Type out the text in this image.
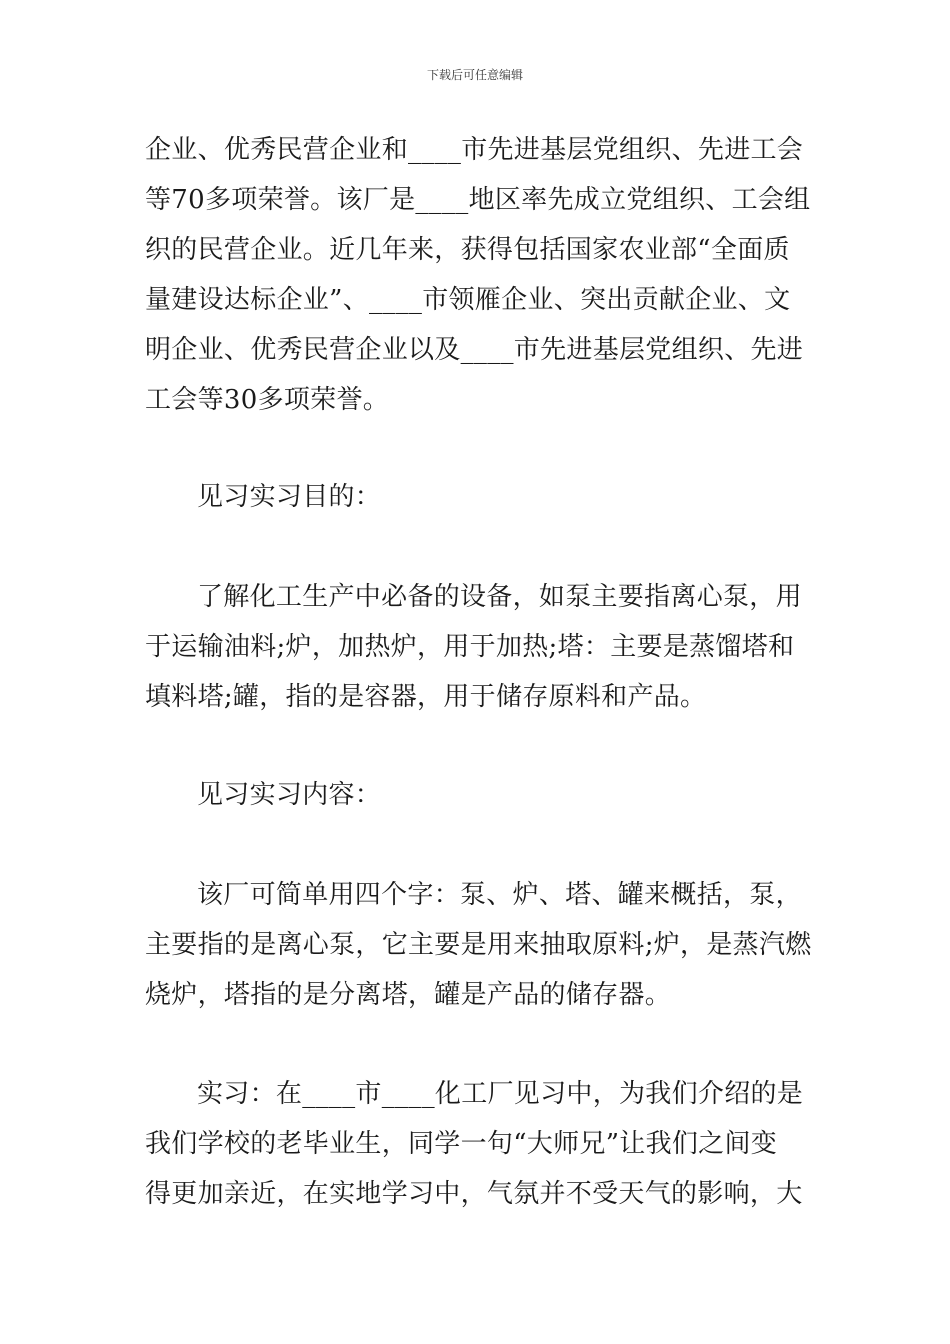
下载后可任意编辑
企业、优秀民营企业和____市先进基层党组织、先进工会
等70多项荣誉。该厂是____地区率先成立党组织、工会组
织的民营企业。近几年来，获得包括国家农业部“全面质
量建设达标企业”、____市领雁企业、突出贡献企业、文
明企业、优秀民营企业以及____市先进基层党组织、先进
工会等30多项荣誉。
见习实习目的：
了解化工生产中必备的设备，如泵主要指离心泵，用
于运输油料;炉，加热炉，用于加热;塔：主要是蒸馏塔和
填料塔;罐，指的是容器，用于储存原料和产品。
见习实习内容：
该厂可简单用四个字：泵、炉、塔、罐来概括，泵，
主要指的是离心泵，它主要是用来抽取原料;炉，是蒸汽燃
烧炉，塔指的是分离塔，罐是产品的储存器。
实习：在____市____化工厂见习中，为我们介绍的是
我们学校的老毕业生，同学一句“大师兄”让我们之间变
得更加亲近，在实地学习中，气氛并不受天气的影响，大
